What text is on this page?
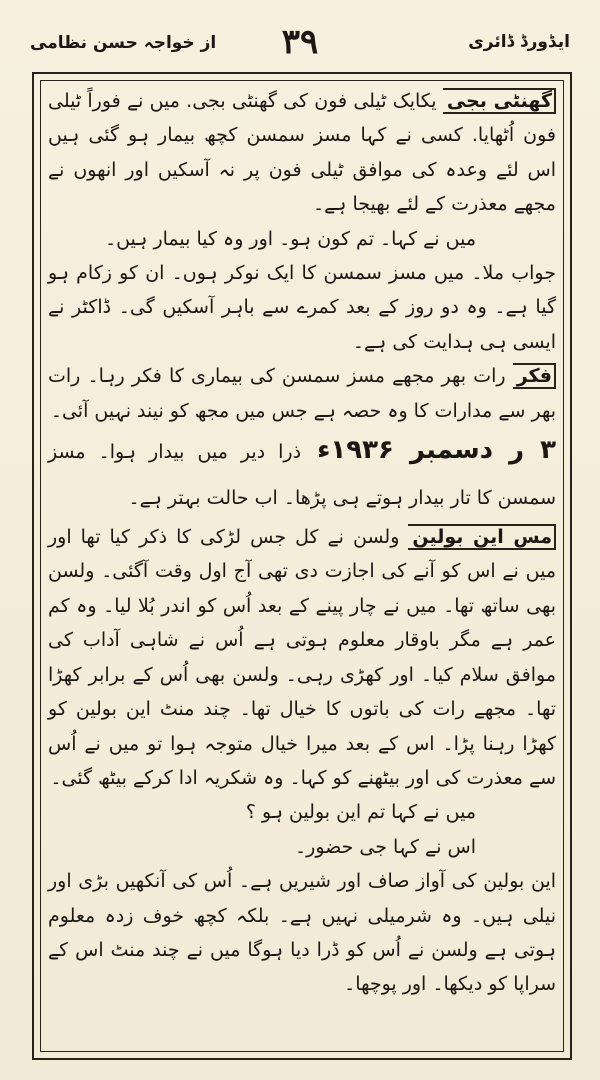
ایڈورڈ ڈائری
۳۹
از خواجہ حسن نظامی

گھنٹی بجی یکایک ٹیلی فون کی گھنٹی بجی. میں نے فوراً ٹیلی فون اُٹھایا. کسی نے کہا مسز سمسن کچھ بیمار ہو گئی ہیں اس لئے وعدہ کی موافق ٹیلی فون پر نہ آسکیں اور انھوں نے مجھے معذرت کے لئے بھیجا ہے۔

میں نے کہا۔ تم کون ہو۔ اور وہ کیا بیمار ہیں۔

جواب ملا۔ میں مسز سمسن کا ایک نوکر ہوں۔ ان کو زکام ہو گیا ہے۔ وہ دو روز کے بعد کمرے سے باہر آسکیں گی۔ ڈاکٹر نے ایسی ہی ہدایت کی ہے۔

فکر رات بھر مجھے مسز سمسن کی بیماری کا فکر رہا۔ رات بھر سے مدارات کا وہ حصہ ہے جس میں مجھ کو نیند نہیں آئی۔

۳ ر دسمبر ۱۹۳۶ء ذرا دیر میں بیدار ہوا۔ مسز سمسن کا تار بیدار ہوتے ہی پڑھا۔ اب حالت بہتر ہے۔

مس این بولین ولسن نے کل جس لڑکی کا ذکر کیا تھا اور میں نے اس کو آنے کی اجازت دی تھی آج اول وقت آگئی۔ ولسن بھی ساتھ تھا۔ میں نے چار پینے کے بعد اُس کو اندر بُلا لیا۔ وہ کم عمر ہے مگر باوقار معلوم ہوتی ہے اُس نے شاہی آداب کی موافق سلام کیا۔ اور کھڑی رہی۔ ولسن بھی اُس کے برابر کھڑا تھا۔ مجھے رات کی باتوں کا خیال تھا۔ چند منٹ این بولین کو کھڑا رہنا پڑا۔ اس کے بعد میرا خیال متوجہ ہوا تو میں نے اُس سے معذرت کی اور بیٹھنے کو کہا۔ وہ شکریہ ادا کرکے بیٹھ گئی۔

میں نے کہا تم این بولین ہو ؟

اس نے کہا جی حضور۔

این بولین کی آواز صاف اور شیریں ہے۔ اُس کی آنکھیں بڑی اور نیلی ہیں۔ وہ شرمیلی نہیں ہے۔ بلکہ کچھ خوف زدہ معلوم ہوتی ہے ولسن نے اُس کو ڈرا دیا ہوگا میں نے چند منٹ اس کے سراپا کو دیکھا۔ اور پوچھا۔
